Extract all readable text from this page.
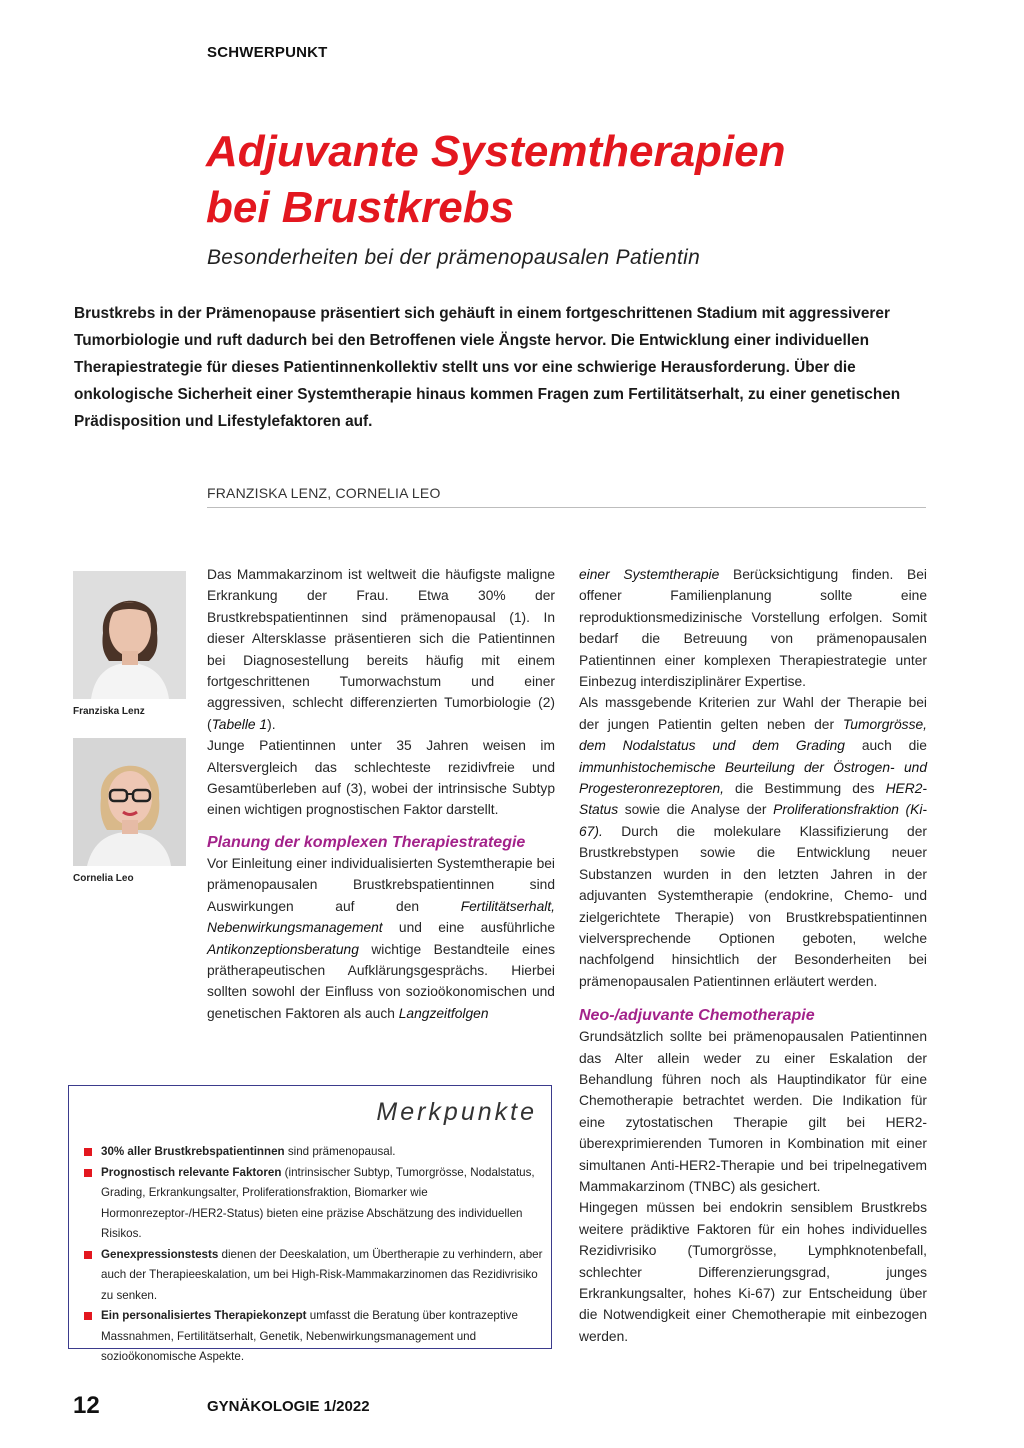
SCHWERPUNKT
Adjuvante Systemtherapien
bei Brustkrebs
Besonderheiten bei der prämenopausalen Patientin

Brustkrebs in der Prämenopause präsentiert sich gehäuft in einem fortgeschrittenen Stadium mit aggressiverer Tumorbiologie und ruft dadurch bei den Betroffenen viele Ängste hervor. Die Entwicklung einer individuellen Therapiestrategie für dieses Patientinnenkollektiv stellt uns vor eine schwierige Herausforderung. Über die onkologische Sicherheit einer Systemtherapie hinaus kommen Fragen zum Fertilitätserhalt, zu einer genetischen Prädisposition und Lifestylefaktoren auf.

FRANZISKA LENZ, CORNELIA LEO
Franziska Lenz
Cornelia Leo

Das Mammakarzinom ist weltweit die häufigste maligne Erkrankung der Frau. Etwa 30% der Brustkrebspatientinnen sind prämenopausal (1). In dieser Altersklasse präsentieren sich die Patientinnen bei Diagnosestellung bereits häufig mit einem fortgeschrittenen Tumorwachstum und einer aggressiven, schlecht differenzierten Tumorbiologie (2) (Tabelle 1).

Junge Patientinnen unter 35 Jahren weisen im Altersvergleich das schlechteste rezidivfreie und Gesamtüberleben auf (3), wobei der intrinsische Subtyp einen wichtigen prognostischen Faktor darstellt.

Planung der komplexen Therapiestrategie

Vor Einleitung einer individualisierten Systemtherapie bei prämenopausalen Brustkrebspatientinnen sind Auswirkungen auf den Fertilitätserhalt, Nebenwirkungsmanagement und eine ausführliche Antikonzeptionsberatung wichtige Bestandteile eines prätherapeutischen Aufklärungsgesprächs. Hierbei sollten sowohl der Einfluss von sozioökonomischen und genetischen Faktoren als auch Langzeitfolgen

einer Systemtherapie Berücksichtigung finden. Bei offener Familienplanung sollte eine reproduktionsmedizinische Vorstellung erfolgen. Somit bedarf die Betreuung von prämenopausalen Patientinnen einer komplexen Therapiestrategie unter Einbezug interdisziplinärer Expertise.

Als massgebende Kriterien zur Wahl der Therapie bei der jungen Patientin gelten neben der Tumorgrösse, dem Nodalstatus und dem Grading auch die immunhistochemische Beurteilung der Östrogen- und Progesteronrezeptoren, die Bestimmung des HER2-Status sowie die Analyse der Proliferationsfraktion (Ki-67). Durch die molekulare Klassifizierung der Brustkrebstypen sowie die Entwicklung neuer Substanzen wurden in den letzten Jahren in der adjuvanten Systemtherapie (endokrine, Chemo- und zielgerichtete Therapie) von Brustkrebspatientinnen vielversprechende Optionen geboten, welche nachfolgend hinsichtlich der Besonderheiten bei prämenopausalen Patientinnen erläutert werden.

Neo-/adjuvante Chemotherapie

Grundsätzlich sollte bei prämenopausalen Patientinnen das Alter allein weder zu einer Eskalation der Behandlung führen noch als Hauptindikator für eine Chemotherapie betrachtet werden. Die Indikation für eine zytostatischen Therapie gilt bei HER2-überexprimierenden Tumoren in Kombination mit einer simultanen Anti-HER2-Therapie und bei tripelnegativem Mammakarzinom (TNBC) als gesichert.

Hingegen müssen bei endokrin sensiblem Brustkrebs weitere prädiktive Faktoren für ein hohes individuelles Rezidivrisiko (Tumorgrösse, Lymphknotenbefall, schlechter Differenzierungsgrad, junges Erkrankungsalter, hohes Ki-67) zur Entscheidung über die Notwendigkeit einer Chemotherapie mit einbezogen werden.

Merkpunkte
30% aller Brustkrebspatientinnen sind prämenopausal.
Prognostisch relevante Faktoren (intrinsischer Subtyp, Tumorgrösse, Nodalstatus, Grading, Erkrankungsalter, Proliferationsfraktion, Biomarker wie Hormonrezeptor-/HER2-Status) bieten eine präzise Abschätzung des individuellen Risikos.
Genexpressionstests dienen der Deeskalation, um Übertherapie zu verhindern, aber auch der Therapieeskalation, um bei High-Risk-Mammakarzinomen das Rezidivrisiko zu senken.
Ein personalisiertes Therapiekonzept umfasst die Beratung über kontrazeptive Massnahmen, Fertilitätserhalt, Genetik, Nebenwirkungsmanagement und sozioökonomische Aspekte.
12	GYNÄKOLOGIE 1/2022
